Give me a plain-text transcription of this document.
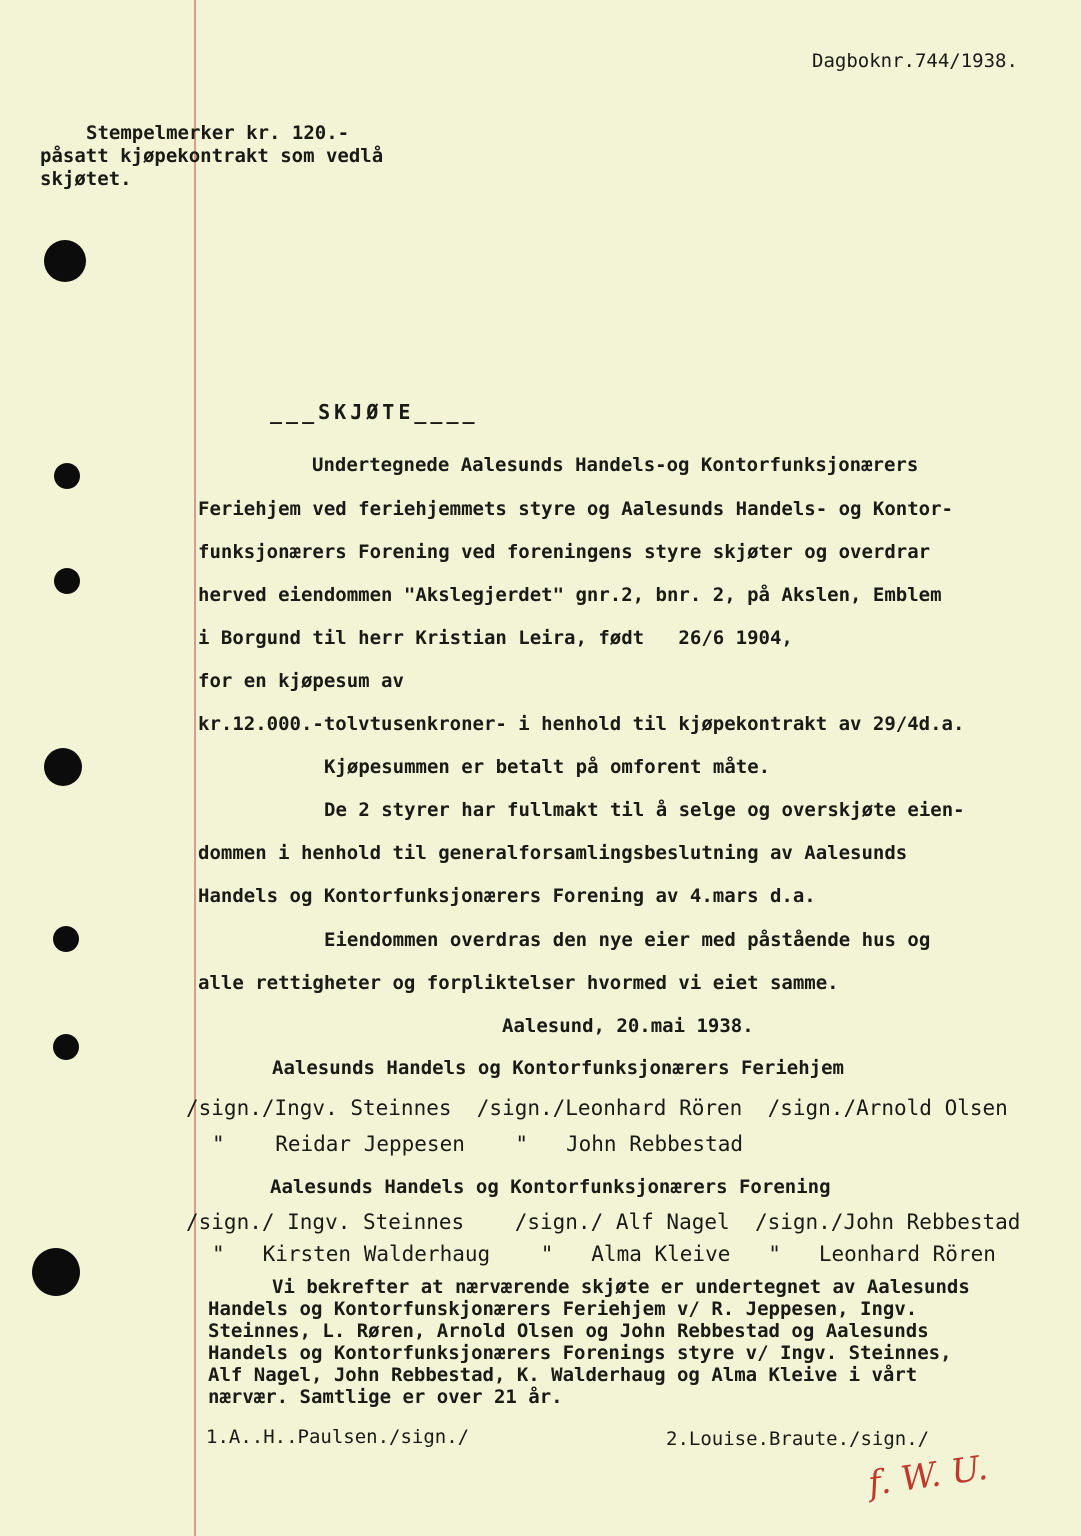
Dagboknr.744/1938.
Stempelmerker kr. 120.-
påsatt kjøpekontrakt som vedlå
skjøtet.
___SKJØTE____
Undertegnede Aalesunds Handels-og Kontorfunksjonærers
Feriehjem ved feriehjemmets styre og Aalesunds Handels- og Kontor-
funksjonærers Forening ved foreningens styre skjøter og overdrar
herved eiendommen "Akslegjerdet" gnr.2, bnr. 2, på Akslen, Emblem
i Borgund til herr Kristian Leira, født   26/6 1904,
for en kjøpesum av
kr.12.000.-tolvtusenkroner- i henhold til kjøpekontrakt av 29/4d.a.
Kjøpesummen er betalt på omforent måte.
De 2 styrer har fullmakt til å selge og overskjøte eien-
dommen i henhold til generalforsamlingsbeslutning av Aalesunds
Handels og Kontorfunksjonærers Forening av 4.mars d.a.
Eiendommen overdras den nye eier med påstående hus og
alle rettigheter og forpliktelser hvormed vi eiet samme.
Aalesund, 20.mai 1938.
Aalesunds Handels og Kontorfunksjonærers Feriehjem
/sign./Ingv. Steinnes  /sign./Leonhard Rören  /sign./Arnold Olsen
"    Reidar Jeppesen    "   John Rebbestad
Aalesunds Handels og Kontorfunksjonærers Forening
/sign./ Ingv. Steinnes    /sign./ Alf Nagel  /sign./John Rebbestad
"   Kirsten Walderhaug    "   Alma Kleive   "   Leonhard Rören
Vi bekrefter at nærværende skjøte er undertegnet av Aalesunds
Handels og Kontorfunskjonærers Feriehjem v/ R. Jeppesen, Ingv.
Steinnes, L. Røren, Arnold Olsen og John Rebbestad og Aalesunds
Handels og Kontorfunksjonærers Forenings styre v/ Ingv. Steinnes,
Alf Nagel, John Rebbestad, K. Walderhaug og Alma Kleive i vårt
nærvær. Samtlige er over 21 år.
1.A..H..Paulsen./sign./	2.Louise.Braute./sign./
f. W. U.
